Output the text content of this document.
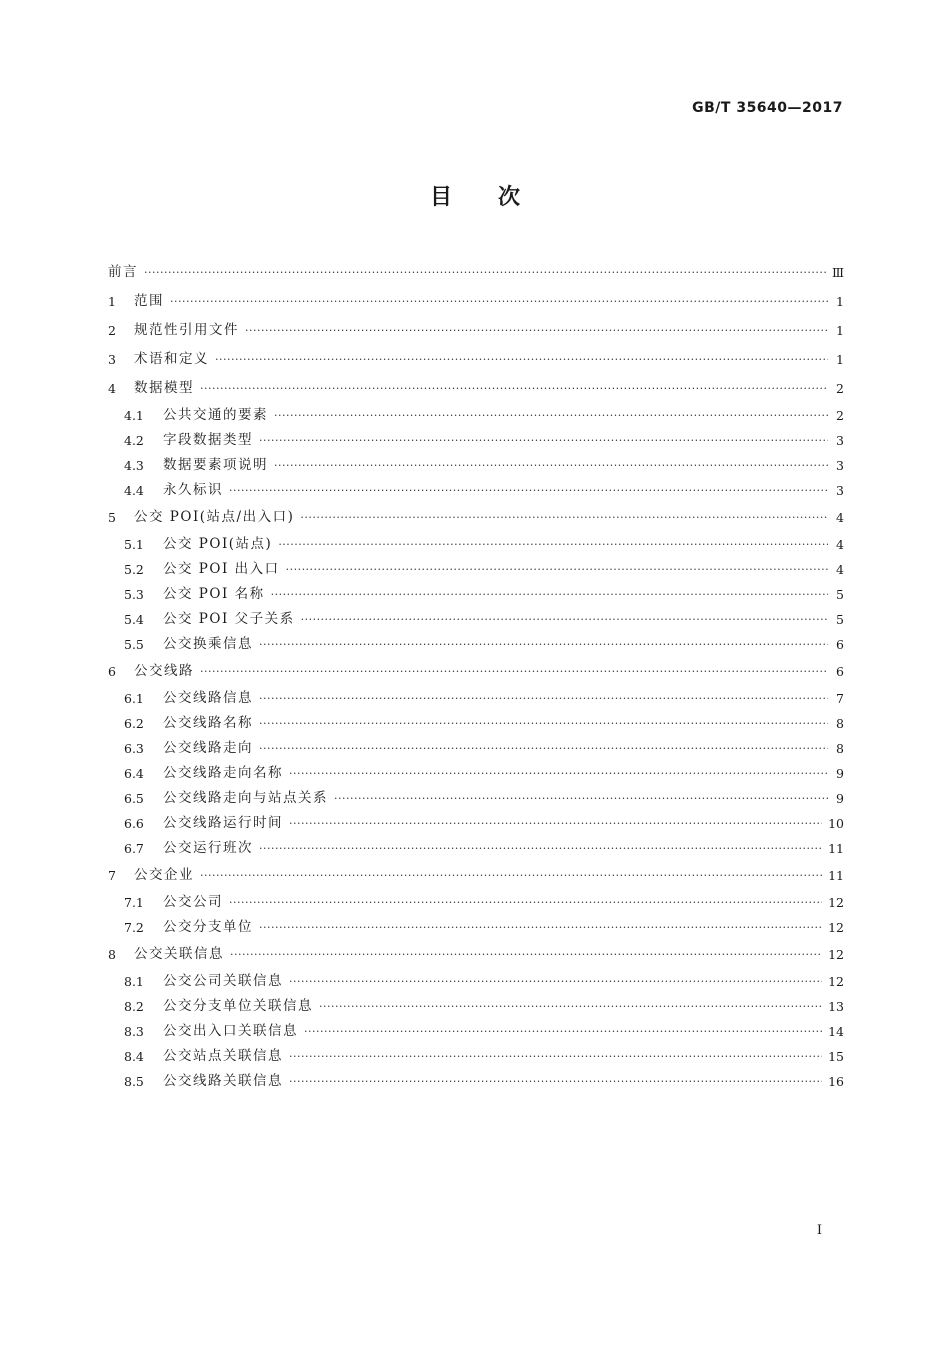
GB/T 35640—2017
目次
前言 ·····	Ⅲ
1	范围 ·····	1
2	规范性引用文件 ·····	1
3	术语和定义 ·····	1
4	数据模型 ·····	2
4.1	公共交通的要素 ·····	2
4.2	字段数据类型 ·····	3
4.3	数据要素项说明 ·····	3
4.4	永久标识 ·····	3
5	公交 POI(站点/出入口) ·····	4
5.1	公交 POI(站点) ·····	4
5.2	公交 POI 出入口 ·····	4
5.3	公交 POI 名称 ·····	5
5.4	公交 POI 父子关系 ·····	5
5.5	公交换乘信息 ·····	6
6	公交线路 ·····	6
6.1	公交线路信息 ·····	7
6.2	公交线路名称 ·····	8
6.3	公交线路走向 ·····	8
6.4	公交线路走向名称 ·····	9
6.5	公交线路走向与站点关系 ·····	9
6.6	公交线路运行时间 ·····	10
6.7	公交运行班次 ·····	11
7	公交企业 ·····	11
7.1	公交公司 ·····	12
7.2	公交分支单位 ·····	12
8	公交关联信息 ·····	12
8.1	公交公司关联信息 ·····	12
8.2	公交分支单位关联信息 ·····	13
8.3	公交出入口关联信息 ·····	14
8.4	公交站点关联信息 ·····	15
8.5	公交线路关联信息 ·····	16
I
